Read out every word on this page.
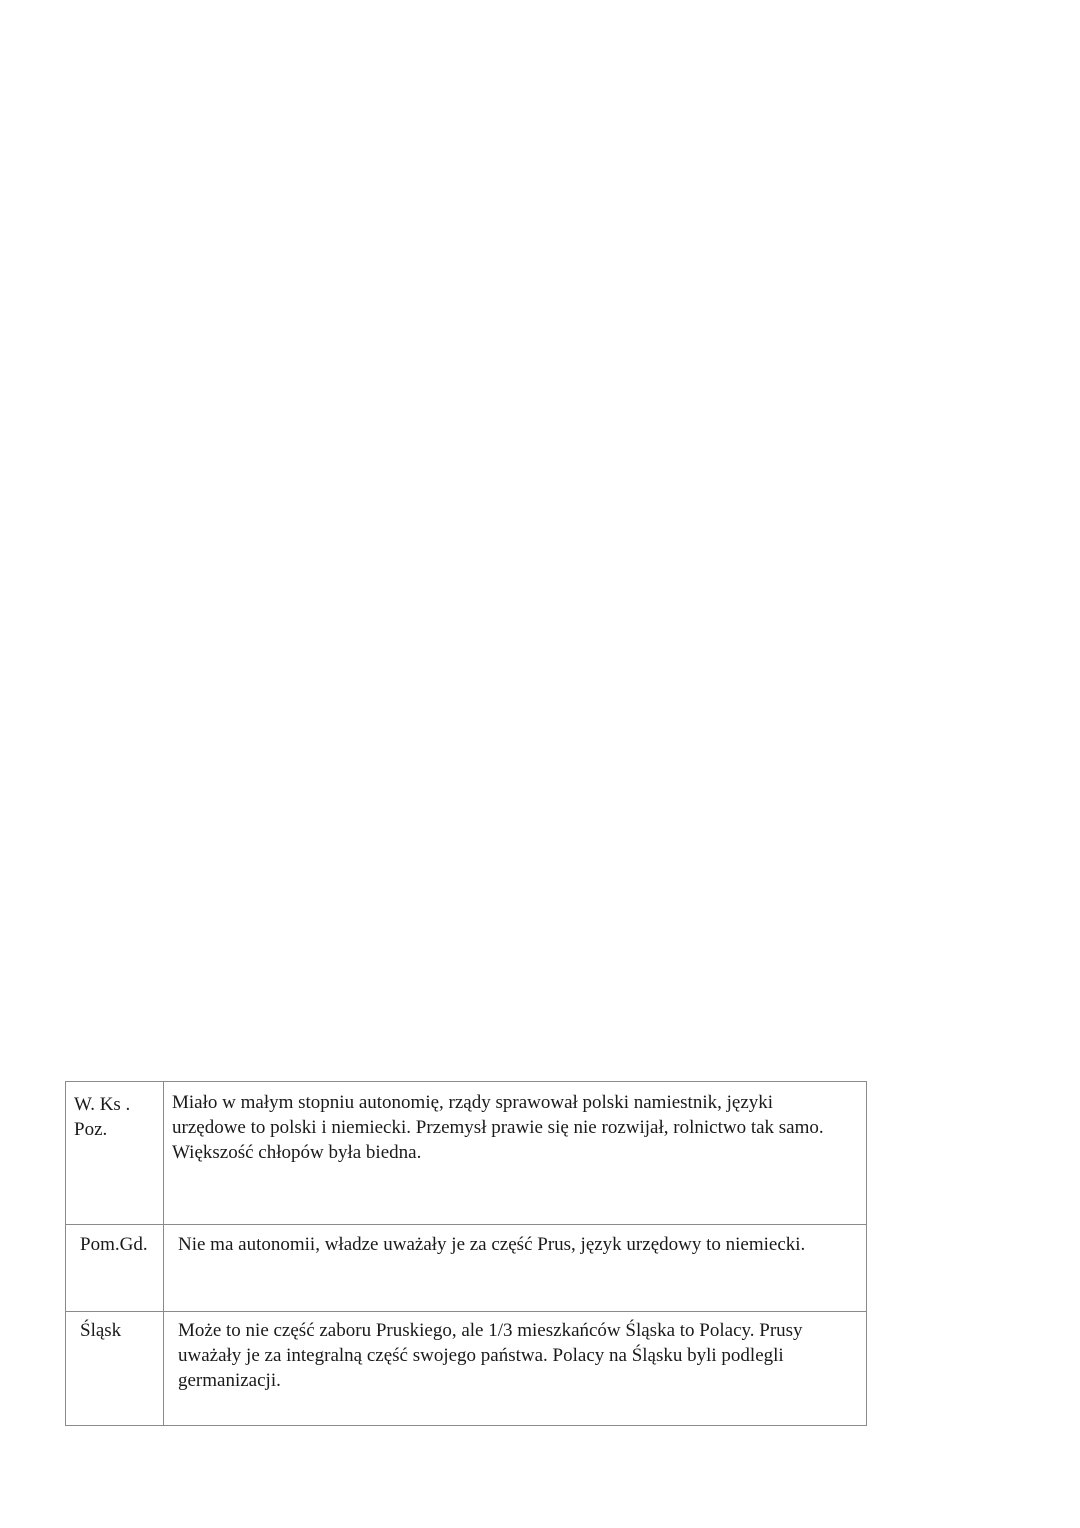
W. Ks .
Poz.	Miało w małym stopniu autonomię, rządy sprawował polski namiestnik, języki urzędowe to polski i niemiecki. Przemysł prawie się nie rozwijał, rolnictwo tak samo. Większość chłopów była biedna.

Pom.Gd.	Nie ma autonomii, władze uważały je za część Prus, język urzędowy to niemiecki.

Śląsk	Może to nie część zaboru Pruskiego, ale 1/3 mieszkańców Śląska to Polacy. Prusy uważały je za integralną część swojego państwa. Polacy na Śląsku byli podlegli germanizacji.
